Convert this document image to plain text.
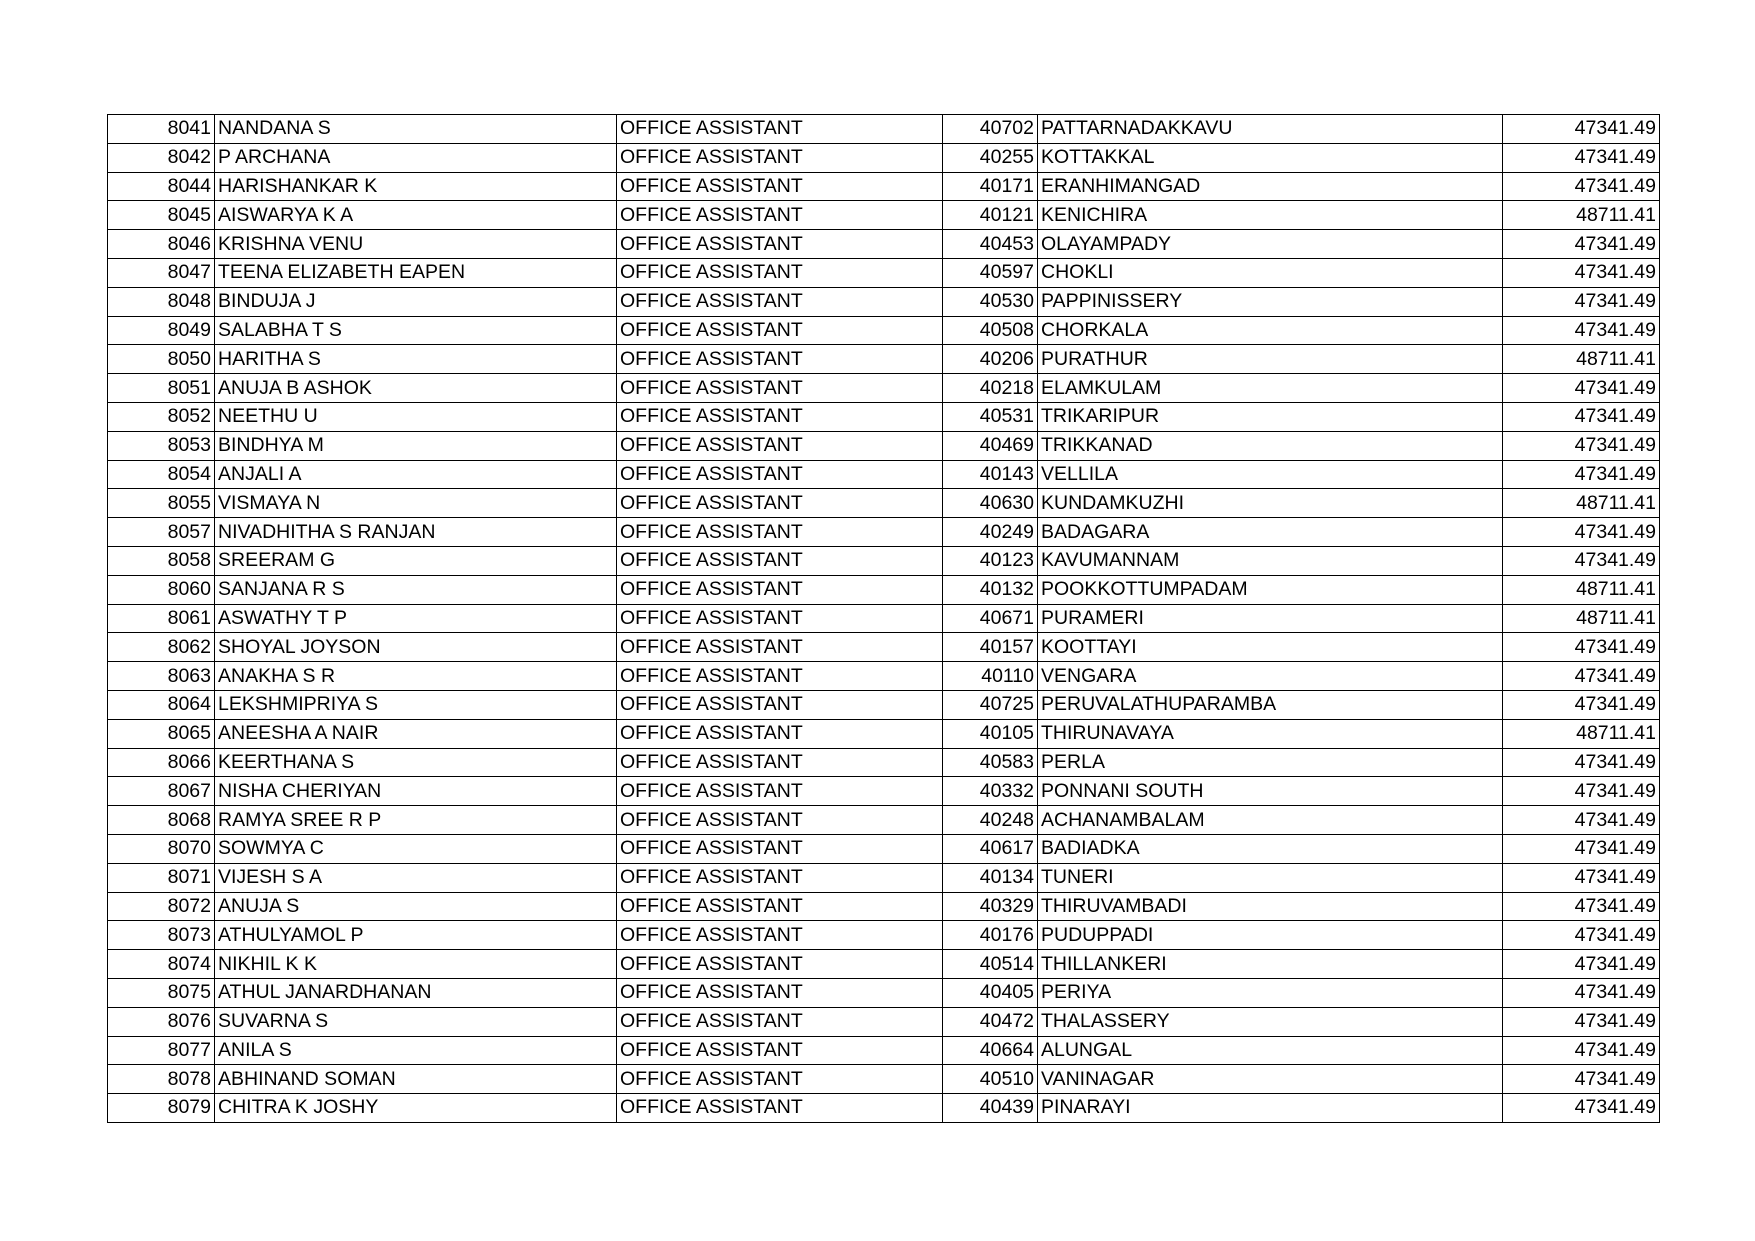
8041	NANDANA S	OFFICE ASSISTANT	40702	PATTARNADAKKAVU	47341.49
8042	P ARCHANA	OFFICE ASSISTANT	40255	KOTTAKKAL	47341.49
8044	HARISHANKAR K	OFFICE ASSISTANT	40171	ERANHIMANGAD	47341.49
8045	AISWARYA K A	OFFICE ASSISTANT	40121	KENICHIRA	48711.41
8046	KRISHNA VENU	OFFICE ASSISTANT	40453	OLAYAMPADY	47341.49
8047	TEENA ELIZABETH EAPEN	OFFICE ASSISTANT	40597	CHOKLI	47341.49
8048	BINDUJA J	OFFICE ASSISTANT	40530	PAPPINISSERY	47341.49
8049	SALABHA T S	OFFICE ASSISTANT	40508	CHORKALA	47341.49
8050	HARITHA S	OFFICE ASSISTANT	40206	PURATHUR	48711.41
8051	ANUJA B ASHOK	OFFICE ASSISTANT	40218	ELAMKULAM	47341.49
8052	NEETHU U	OFFICE ASSISTANT	40531	TRIKARIPUR	47341.49
8053	BINDHYA M	OFFICE ASSISTANT	40469	TRIKKANAD	47341.49
8054	ANJALI A	OFFICE ASSISTANT	40143	VELLILA	47341.49
8055	VISMAYA N	OFFICE ASSISTANT	40630	KUNDAMKUZHI	48711.41
8057	NIVADHITHA S RANJAN	OFFICE ASSISTANT	40249	BADAGARA	47341.49
8058	SREERAM G	OFFICE ASSISTANT	40123	KAVUMANNAM	47341.49
8060	SANJANA R S	OFFICE ASSISTANT	40132	POOKKOTTUMPADAM	48711.41
8061	ASWATHY T P	OFFICE ASSISTANT	40671	PURAMERI	48711.41
8062	SHOYAL JOYSON	OFFICE ASSISTANT	40157	KOOTTAYI	47341.49
8063	ANAKHA S R	OFFICE ASSISTANT	40110	VENGARA	47341.49
8064	LEKSHMIPRIYA S	OFFICE ASSISTANT	40725	PERUVALATHUPARAMBA	47341.49
8065	ANEESHA A NAIR	OFFICE ASSISTANT	40105	THIRUNAVAYA	48711.41
8066	KEERTHANA S	OFFICE ASSISTANT	40583	PERLA	47341.49
8067	NISHA CHERIYAN	OFFICE ASSISTANT	40332	PONNANI SOUTH	47341.49
8068	RAMYA SREE R P	OFFICE ASSISTANT	40248	ACHANAMBALAM	47341.49
8070	SOWMYA C	OFFICE ASSISTANT	40617	BADIADKA	47341.49
8071	VIJESH S A	OFFICE ASSISTANT	40134	TUNERI	47341.49
8072	ANUJA S	OFFICE ASSISTANT	40329	THIRUVAMBADI	47341.49
8073	ATHULYAMOL P	OFFICE ASSISTANT	40176	PUDUPPADI	47341.49
8074	NIKHIL K K	OFFICE ASSISTANT	40514	THILLANKERI	47341.49
8075	ATHUL JANARDHANAN	OFFICE ASSISTANT	40405	PERIYA	47341.49
8076	SUVARNA S	OFFICE ASSISTANT	40472	THALASSERY	47341.49
8077	ANILA S	OFFICE ASSISTANT	40664	ALUNGAL	47341.49
8078	ABHINAND SOMAN	OFFICE ASSISTANT	40510	VANINAGAR	47341.49
8079	CHITRA K JOSHY	OFFICE ASSISTANT	40439	PINARAYI	47341.49
